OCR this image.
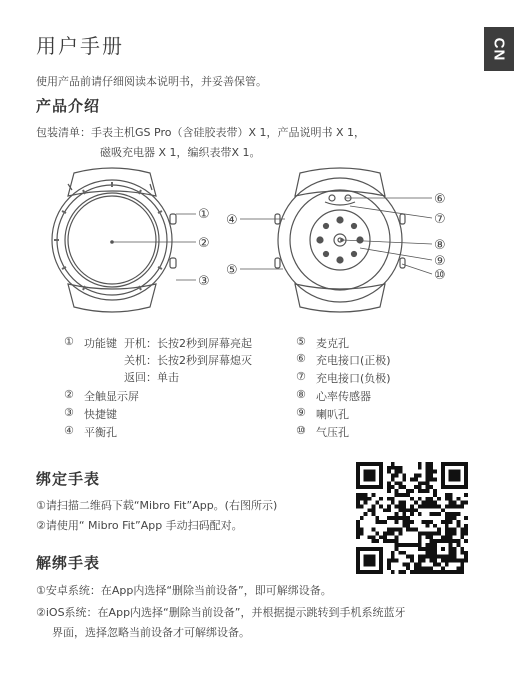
用户手册	CN
使用产品前请仔细阅读本说明书，并妥善保管。
产品介绍
包装清单：手表主机GS Pro（含硅胶表带）X 1，产品说明书 X 1，
磁吸充电器 X 1，编织表带X 1。
①
②
③
④
⑤
⑥
⑦
⑧
⑨
⑩
① 功能键 开机：长按2秒到屏幕亮起
关机：长按2秒到屏幕熄灭
返回：单击
② 全触显示屏
③ 快捷键
④ 平衡孔
⑤ 麦克孔
⑥ 充电接口(正极)
⑦ 充电接口(负极)
⑧ 心率传感器
⑨ 喇叭孔
⑩ 气压孔
绑定手表
①请扫描二维码下载“Mibro Fit”App。(右图所示)
②请使用“ Mibro Fit”App 手动扫码配对。
解绑手表
①安卓系统：在App内选择“删除当前设备”，即可解绑设备。
②iOS系统：在App内选择“删除当前设备”，并根据提示跳转到手机系统蓝牙
界面，选择忽略当前设备才可解绑设备。
